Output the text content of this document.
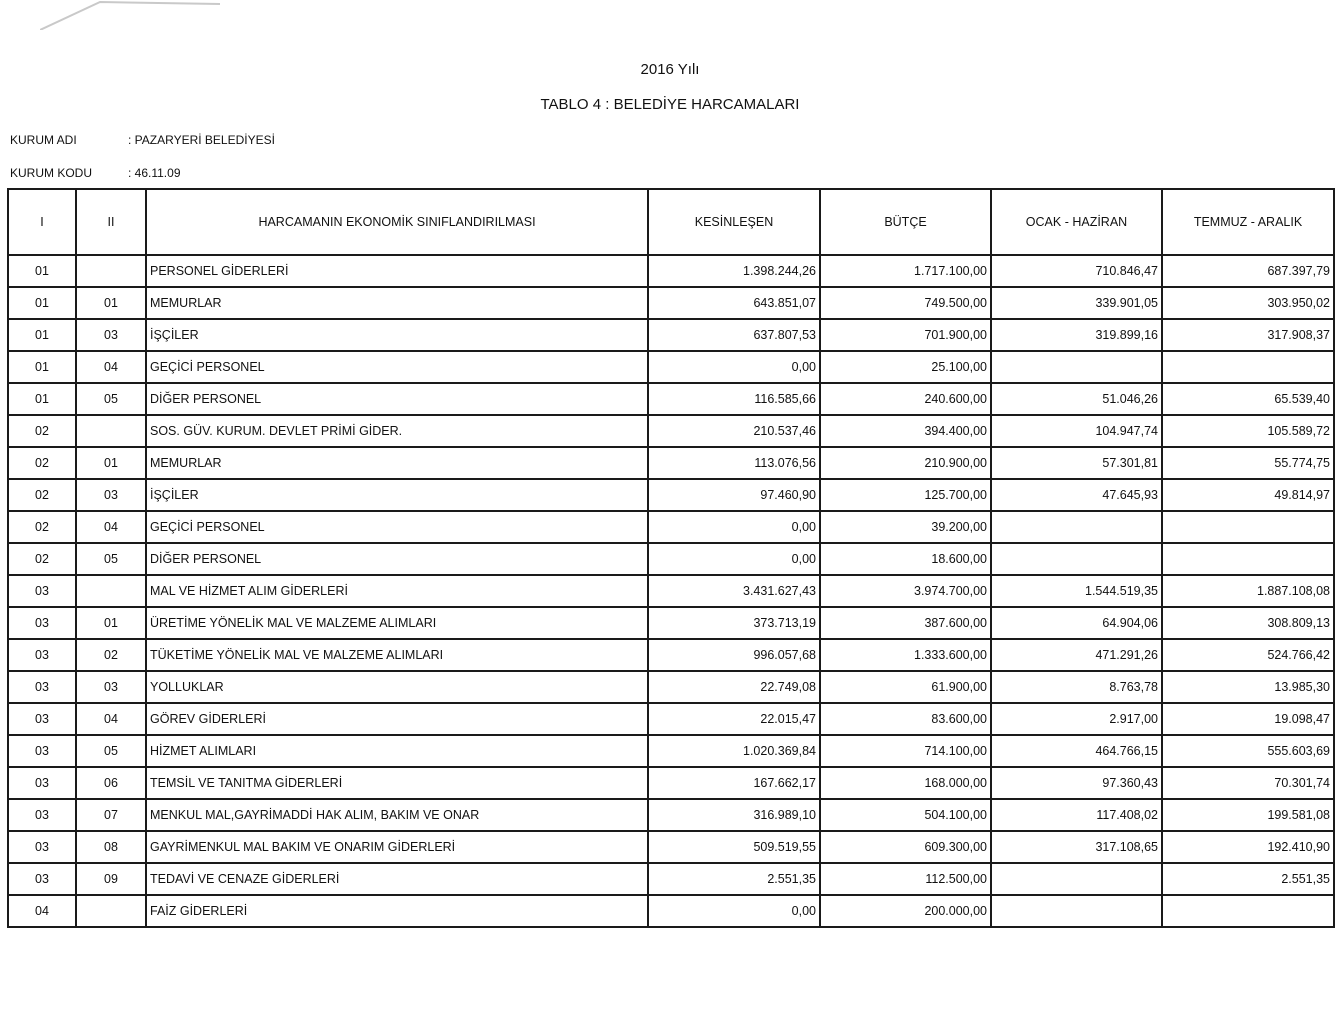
2016 Yılı
TABLO 4 : BELEDİYE HARCAMALARI
KURUM ADI	: PAZARYERİ BELEDİYESİ
KURUM KODU	: 46.11.09
I	II	HARCAMANIN EKONOMİK SINIFLANDIRILMASI	KESİNLEŞEN	BÜTÇE	OCAK - HAZİRAN	TEMMUZ - ARALIK
01		PERSONEL GİDERLERİ	1.398.244,26	1.717.100,00	710.846,47	687.397,79
01	01	MEMURLAR	643.851,07	749.500,00	339.901,05	303.950,02
01	03	İŞÇİLER	637.807,53	701.900,00	319.899,16	317.908,37
01	04	GEÇİCİ PERSONEL	0,00	25.100,00		
01	05	DİĞER PERSONEL	116.585,66	240.600,00	51.046,26	65.539,40
02		SOS. GÜV. KURUM. DEVLET PRİMİ GİDER.	210.537,46	394.400,00	104.947,74	105.589,72
02	01	MEMURLAR	113.076,56	210.900,00	57.301,81	55.774,75
02	03	İŞÇİLER	97.460,90	125.700,00	47.645,93	49.814,97
02	04	GEÇİCİ PERSONEL	0,00	39.200,00		
02	05	DİĞER PERSONEL	0,00	18.600,00		
03		MAL VE HİZMET ALIM GİDERLERİ	3.431.627,43	3.974.700,00	1.544.519,35	1.887.108,08
03	01	ÜRETİME YÖNELİK MAL VE MALZEME ALIMLARI	373.713,19	387.600,00	64.904,06	308.809,13
03	02	TÜKETİME YÖNELİK MAL VE MALZEME ALIMLARI	996.057,68	1.333.600,00	471.291,26	524.766,42
03	03	YOLLUKLAR	22.749,08	61.900,00	8.763,78	13.985,30
03	04	GÖREV GİDERLERİ	22.015,47	83.600,00	2.917,00	19.098,47
03	05	HİZMET ALIMLARI	1.020.369,84	714.100,00	464.766,15	555.603,69
03	06	TEMSİL VE TANITMA GİDERLERİ	167.662,17	168.000,00	97.360,43	70.301,74
03	07	MENKUL MAL,GAYRİMADDİ HAK ALIM, BAKIM VE ONAR	316.989,10	504.100,00	117.408,02	199.581,08
03	08	GAYRİMENKUL MAL BAKIM VE ONARIM GİDERLERİ	509.519,55	609.300,00	317.108,65	192.410,90
03	09	TEDAVİ VE CENAZE GİDERLERİ	2.551,35	112.500,00		2.551,35
04		FAİZ GİDERLERİ	0,00	200.000,00		
